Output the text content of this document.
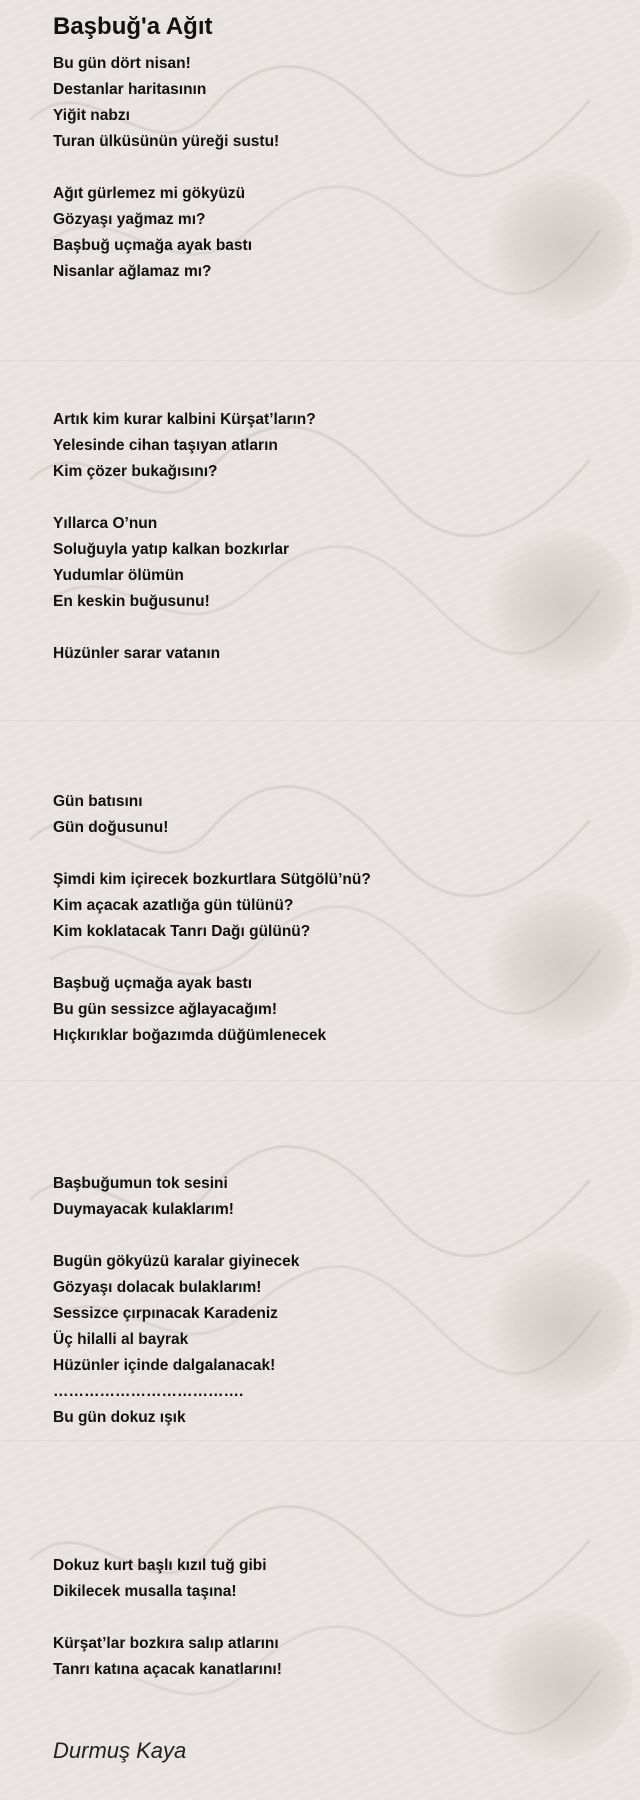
Başbuğ'a Ağıt
Bu gün dört nisan!
Destanlar haritasının
Yiğit nabzı
Turan ülküsünün yüreği sustu!
Ağıt gürlemez mi gökyüzü
Gözyaşı yağmaz mı?
Başbuğ uçmağa ayak bastı
Nisanlar ağlamaz mı?
Artık kim kurar kalbini Kürşat’ların?
Yelesinde cihan taşıyan atların
Kim çözer bukağısını?
Yıllarca O’nun
Soluğuyla yatıp kalkan bozkırlar
Yudumlar ölümün
En keskin buğusunu!
Hüzünler sarar vatanın
Gün batısını
Gün doğusunu!
Şimdi kim içirecek bozkurtlara Sütgölü’nü?
Kim açacak azatlığa gün tülünü?
Kim koklatacak Tanrı Dağı gülünü?
Başbuğ uçmağa ayak bastı
Bu gün sessizce ağlayacağım!
Hıçkırıklar boğazımda düğümlenecek
Başbuğumun tok sesini
Duymayacak kulaklarım!
Bugün gökyüzü karalar giyinecek
Gözyaşı dolacak bulaklarım!
Sessizce çırpınacak Karadeniz
Üç hilalli al bayrak
Hüzünler içinde dalgalanacak!
……………………………….
Bu gün dokuz ışık
Dokuz kurt başlı kızıl tuğ gibi
Dikilecek musalla taşına!
Kürşat’lar bozkıra salıp atlarını
Tanrı katına açacak kanatlarını!
Durmuş Kaya
